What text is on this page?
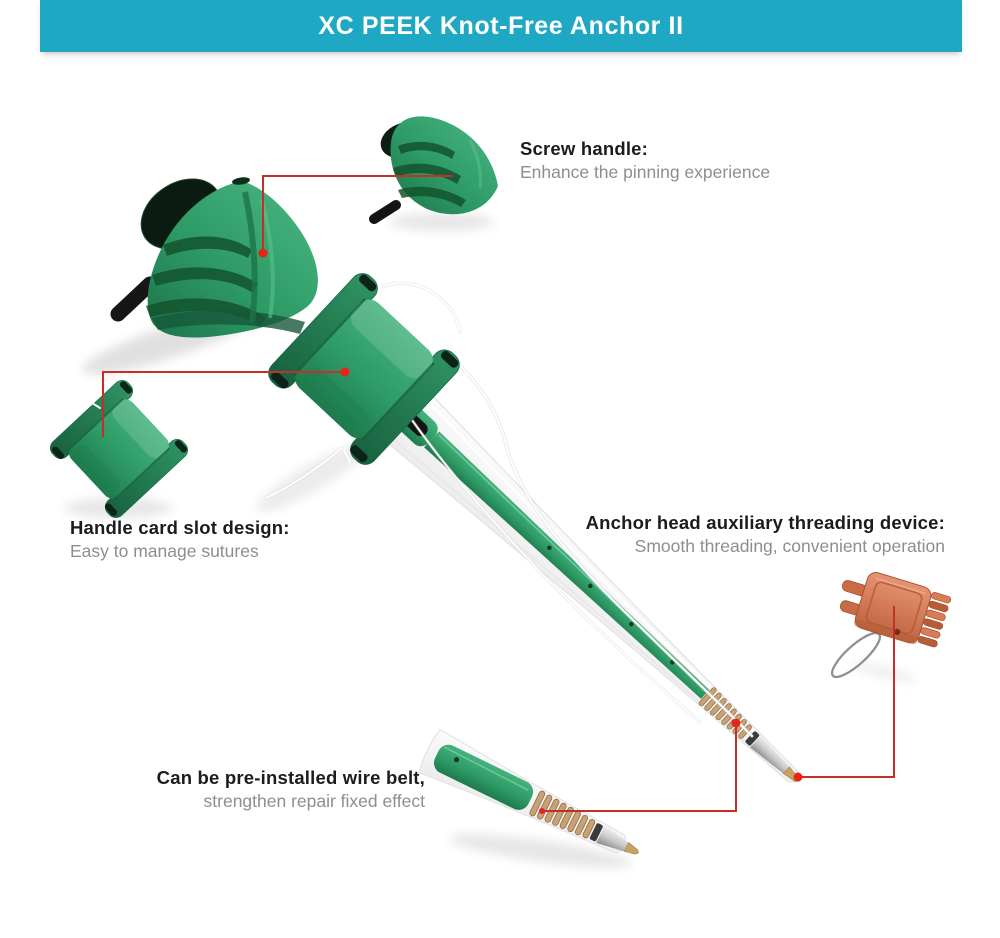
XC PEEK Knot-Free Anchor II
Screw handle:
Enhance the pinning experience
Handle card slot design:
Easy to manage sutures
Anchor head auxiliary threading device:
Smooth threading, convenient operation
Can be pre-installed wire belt,
strengthen repair fixed effect
